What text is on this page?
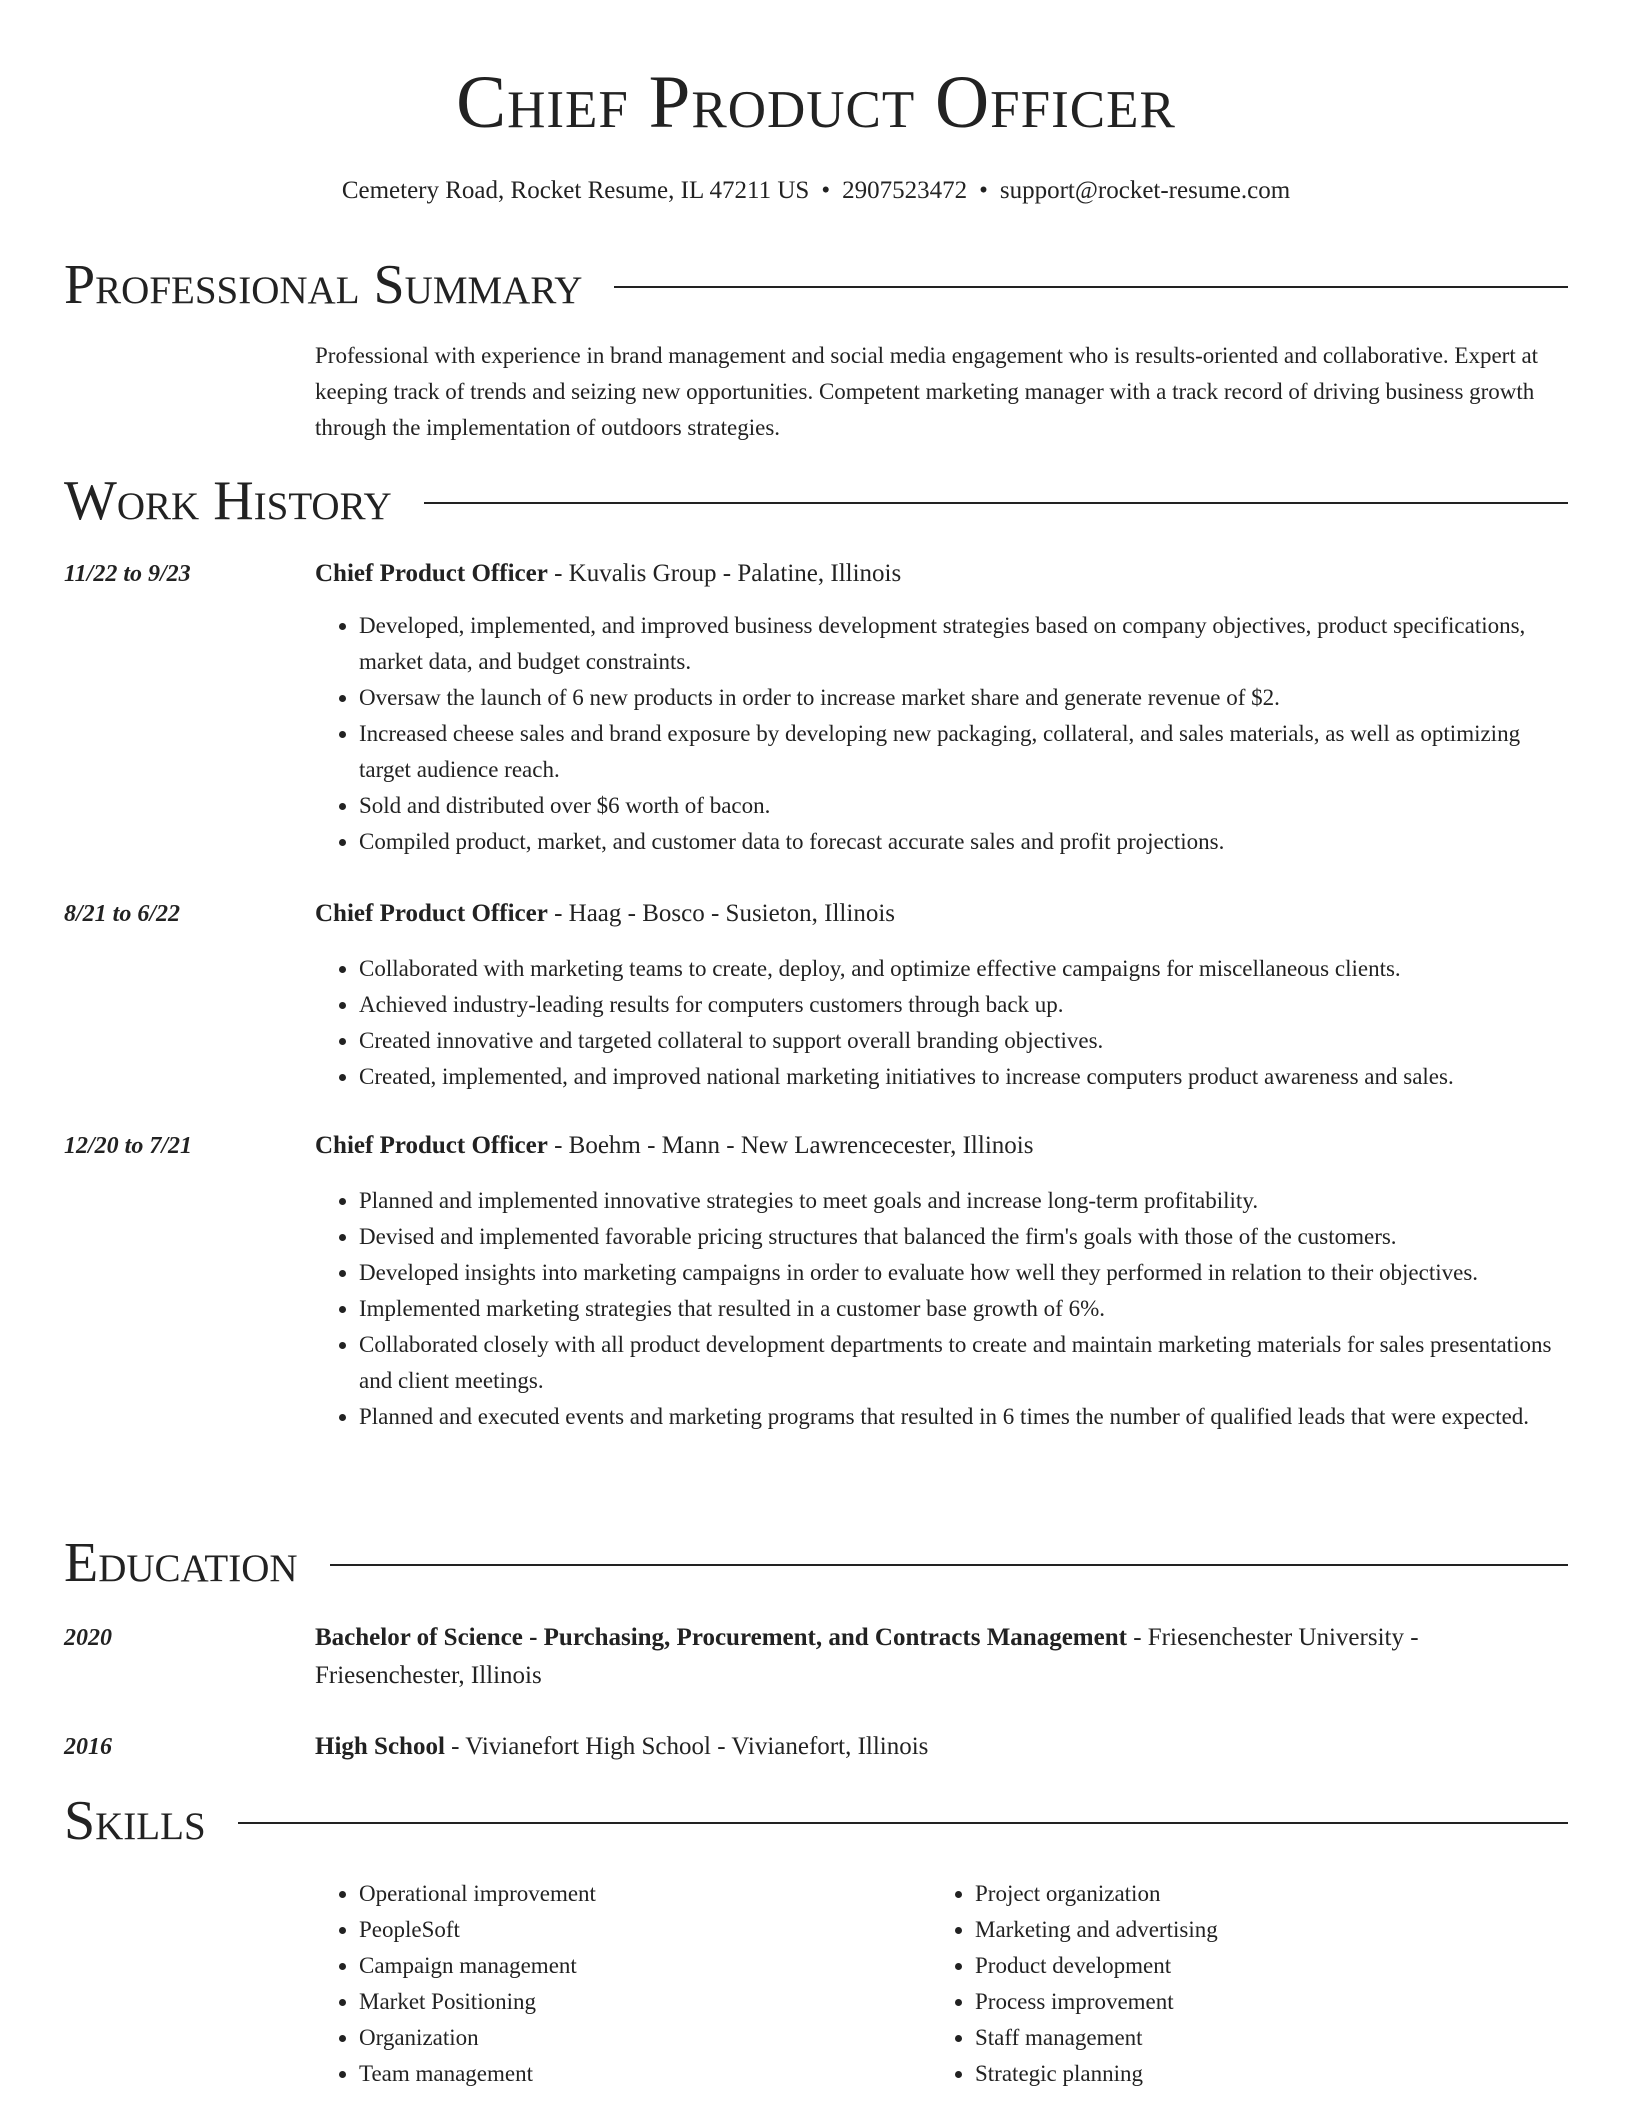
Chief Product Officer
Cemetery Road, Rocket Resume, IL 47211 US • 2907523472 • support@rocket-resume.com
Professional Summary
Professional with experience in brand management and social media engagement who is results-oriented and collaborative. Expert at keeping track of trends and seizing new opportunities. Competent marketing manager with a track record of driving business growth through the implementation of outdoors strategies.
Work History
11/22 to 9/23	Chief Product Officer - Kuvalis Group - Palatine, Illinois
• Developed, implemented, and improved business development strategies based on company objectives, product specifications, market data, and budget constraints.
• Oversaw the launch of 6 new products in order to increase market share and generate revenue of $2.
• Increased cheese sales and brand exposure by developing new packaging, collateral, and sales materials, as well as optimizing target audience reach.
• Sold and distributed over $6 worth of bacon.
• Compiled product, market, and customer data to forecast accurate sales and profit projections.
8/21 to 6/22	Chief Product Officer - Haag - Bosco - Susieton, Illinois
• Collaborated with marketing teams to create, deploy, and optimize effective campaigns for miscellaneous clients.
• Achieved industry-leading results for computers customers through back up.
• Created innovative and targeted collateral to support overall branding objectives.
• Created, implemented, and improved national marketing initiatives to increase computers product awareness and sales.
12/20 to 7/21	Chief Product Officer - Boehm - Mann - New Lawrencecester, Illinois
• Planned and implemented innovative strategies to meet goals and increase long-term profitability.
• Devised and implemented favorable pricing structures that balanced the firm's goals with those of the customers.
• Developed insights into marketing campaigns in order to evaluate how well they performed in relation to their objectives.
• Implemented marketing strategies that resulted in a customer base growth of 6%.
• Collaborated closely with all product development departments to create and maintain marketing materials for sales presentations and client meetings.
• Planned and executed events and marketing programs that resulted in 6 times the number of qualified leads that were expected.
Education
2020	Bachelor of Science - Purchasing, Procurement, and Contracts Management - Friesenchester University - Friesenchester, Illinois
2016	High School - Vivianefort High School - Vivianefort, Illinois
Skills
• Operational improvement
• PeopleSoft
• Campaign management
• Market Positioning
• Organization
• Team management
• Project organization
• Marketing and advertising
• Product development
• Process improvement
• Staff management
• Strategic planning
